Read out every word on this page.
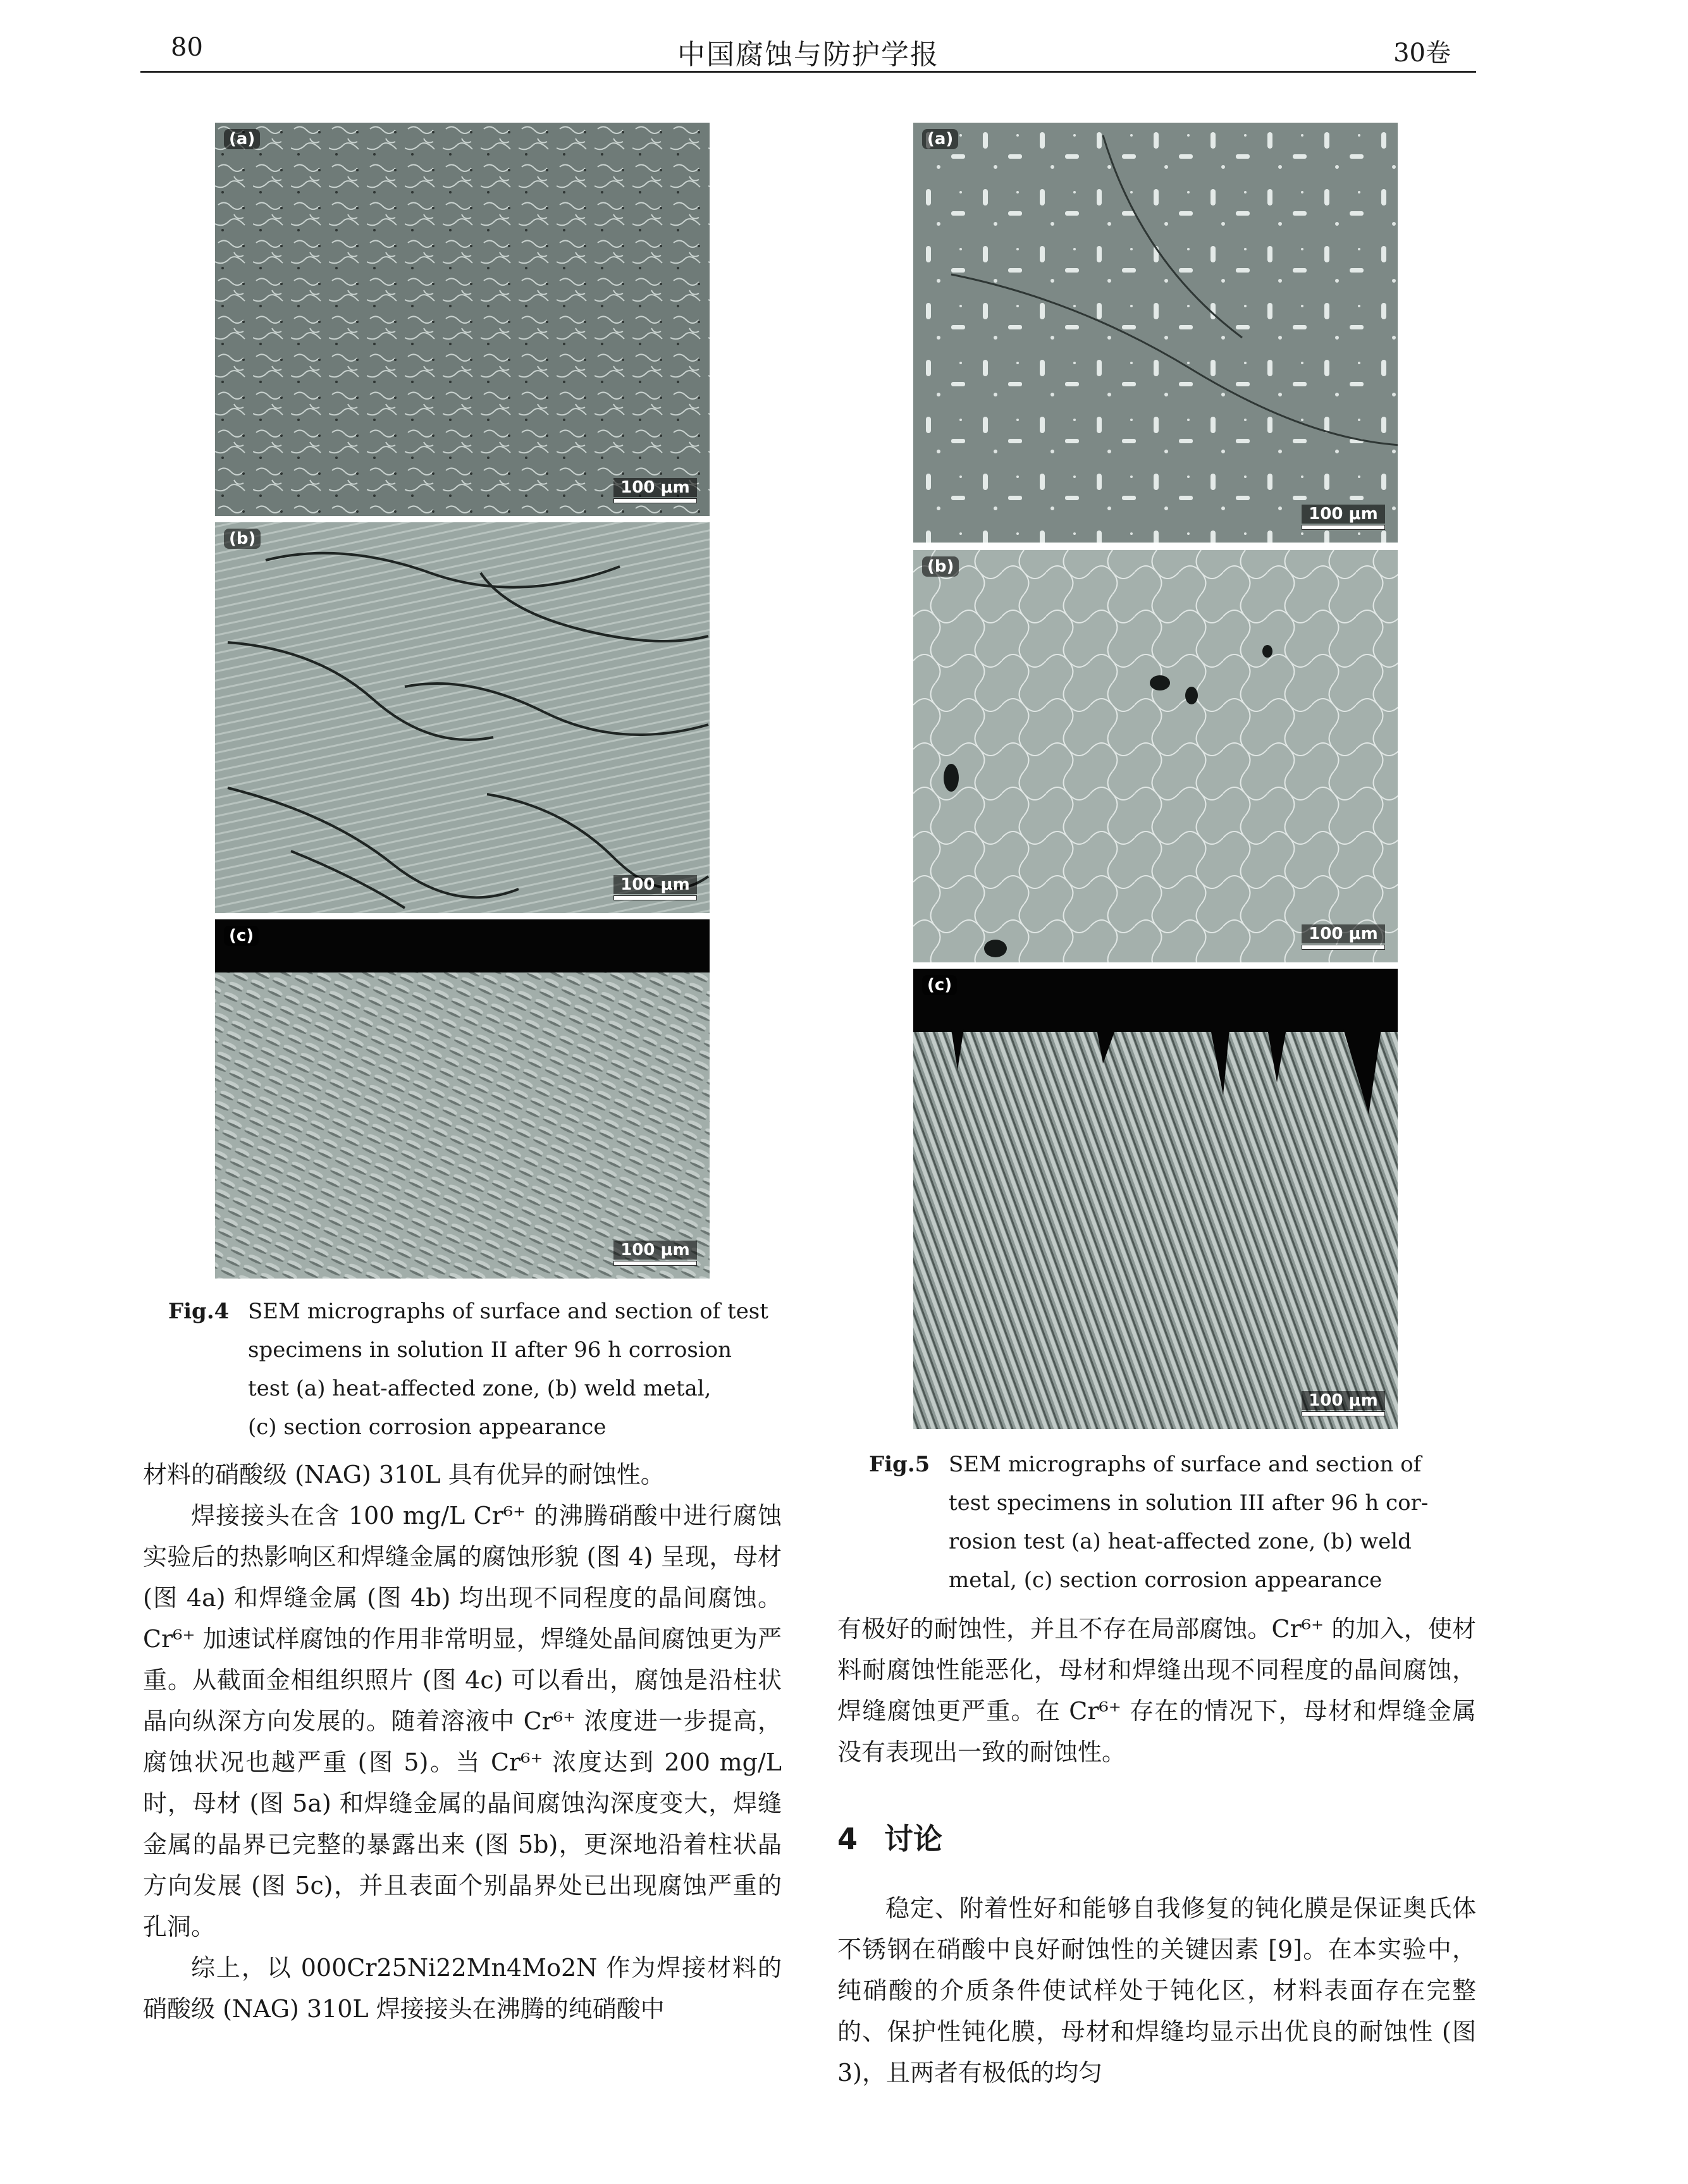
80	中国腐蚀与防护学报	30卷
(a)
100 μm
(b)
100 μm
(c)
100 μm
Fig.4 SEM micrographs of surface and section of test
specimens in solution II after 96 h corrosion
test (a) heat-affected zone, (b) weld metal,
(c) section corrosion appearance

材料的硝酸级 (NAG) 310L 具有优异的耐蚀性。

焊接接头在含 100 mg/L Cr⁶⁺ 的沸腾硝酸中进行腐蚀实验后的热影响区和焊缝金属的腐蚀形貌 (图 4) 呈现，母材 (图 4a) 和焊缝金属 (图 4b) 均出现不同程度的晶间腐蚀。Cr⁶⁺ 加速试样腐蚀的作用非常明显，焊缝处晶间腐蚀更为严重。从截面金相组织照片 (图 4c) 可以看出，腐蚀是沿柱状晶向纵深方向发展的。随着溶液中 Cr⁶⁺ 浓度进一步提高，腐蚀状况也越严重 (图 5)。当 Cr⁶⁺ 浓度达到 200 mg/L 时，母材 (图 5a) 和焊缝金属的晶间腐蚀沟深度变大，焊缝金属的晶界已完整的暴露出来 (图 5b)，更深地沿着柱状晶方向发展 (图 5c)，并且表面个别晶界处已出现腐蚀严重的孔洞。

综上，以 000Cr25Ni22Mn4Mo2N 作为焊接材料的硝酸级 (NAG) 310L 焊接接头在沸腾的纯硝酸中

(a)
100 μm
(b)
100 μm
(c)
100 μm
Fig.5 SEM micrographs of surface and section of
test specimens in solution III after 96 h cor-
rosion test (a) heat-affected zone, (b) weld
metal, (c) section corrosion appearance

有极好的耐蚀性，并且不存在局部腐蚀。Cr⁶⁺ 的加入，使材料耐腐蚀性能恶化，母材和焊缝出现不同程度的晶间腐蚀，焊缝腐蚀更严重。在 Cr⁶⁺ 存在的情况下，母材和焊缝金属没有表现出一致的耐蚀性。

4 讨论

稳定、附着性好和能够自我修复的钝化膜是保证奥氏体不锈钢在硝酸中良好耐蚀性的关键因素 [9]。在本实验中，纯硝酸的介质条件使试样处于钝化区，材料表面存在完整的、保护性钝化膜，母材和焊缝均显示出优良的耐蚀性 (图 3)，且两者有极低的均匀
